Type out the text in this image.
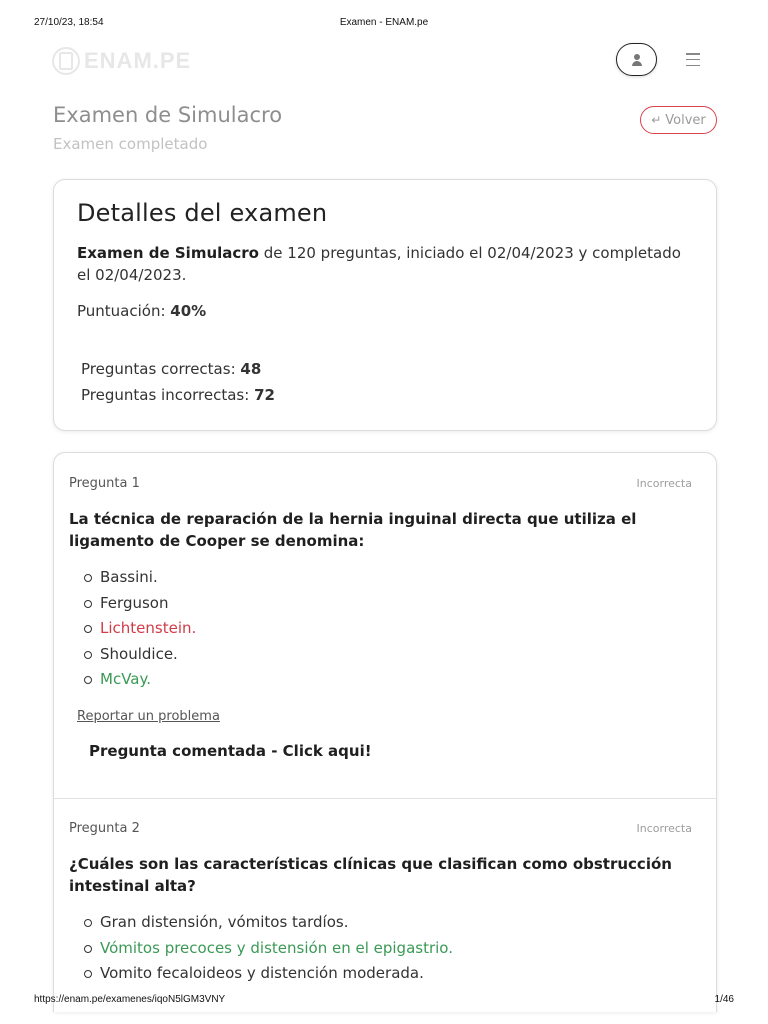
27/10/23, 18:54	Examen - ENAM.pe
ENAM.PE
Examen de Simulacro
Examen completado
↵ Volver
Detalles del examen

Examen de Simulacro de 120 preguntas, iniciado el 02/04/2023 y completado el 02/04/2023.

Puntuación: 40%

Preguntas correctas: 48

Preguntas incorrectas: 72

Pregunta 1	Incorrecta

La técnica de reparación de la hernia inguinal directa que utiliza el ligamento de Cooper se denomina:

Bassini.
Ferguson
Lichtenstein.
Shouldice.
McVay.
Reportar un problema
Pregunta comentada - Click aqui!
Pregunta 2	Incorrecta

¿Cuáles son las características clínicas que clasifican como obstrucción intestinal alta?

Gran distensión, vómitos tardíos.
Vómitos precoces y distensión en el epigastrio.
Vomito fecaloideos y distención moderada.
https://enam.pe/examenes/iqoN5lGM3VNY	1/46
